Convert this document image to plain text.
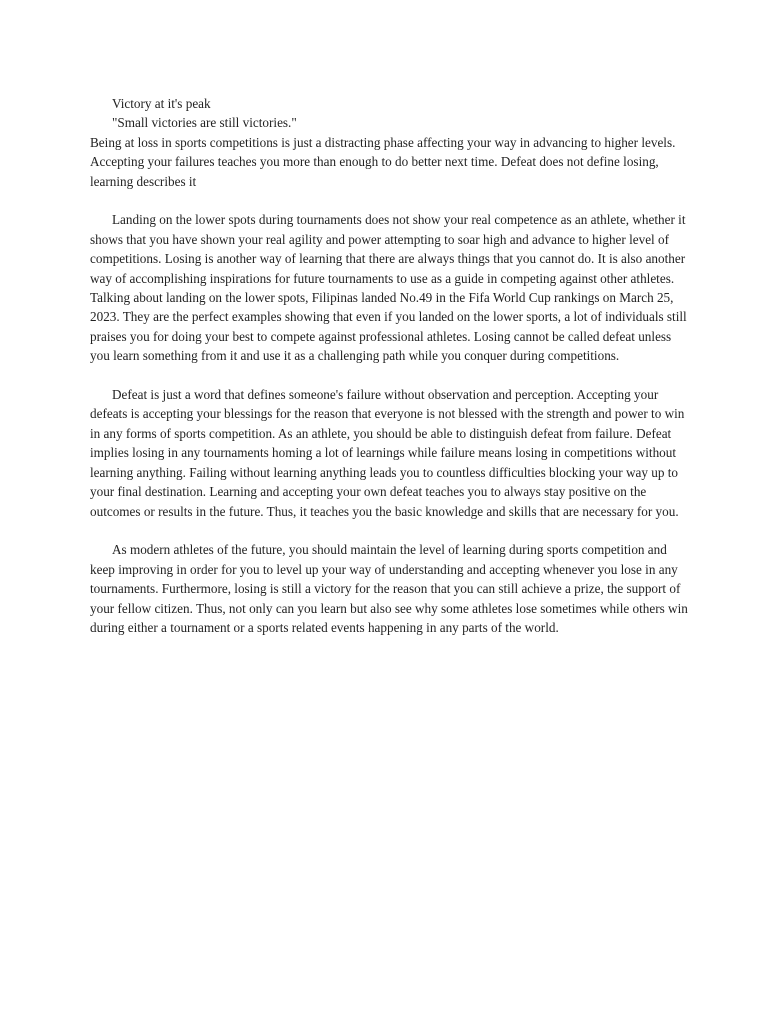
Victory at it's peak

"Small victories are still victories."

Being at loss in sports competitions is just a distracting phase affecting your way in advancing to higher levels. Accepting your failures teaches you more than enough to do better next time. Defeat does not define losing, learning describes it

Landing on the lower spots during tournaments does not show your real competence as an athlete, whether it shows that you have shown your real agility and power attempting to soar high and advance to higher level of competitions. Losing is another way of learning that there are always things that you cannot do. It is also another way of accomplishing inspirations for future tournaments to use as a guide in competing against other athletes.

Talking about landing on the lower spots, Filipinas landed No.49 in the Fifa World Cup rankings on March 25, 2023. They are the perfect examples showing that even if you landed on the lower sports, a lot of individuals still praises you for doing your best to compete against professional athletes. Losing cannot be called defeat unless you learn something from it and use it as a challenging path while you conquer during competitions.

Defeat is just a word that defines someone's failure without observation and perception. Accepting your defeats is accepting your blessings for the reason that everyone is not blessed with the strength and power to win in any forms of sports competition. As an athlete, you should be able to distinguish defeat from failure. Defeat implies losing in any tournaments homing a lot of learnings while failure means losing in competitions without learning anything. Failing without learning anything leads you to countless difficulties blocking your way up to your final destination. Learning and accepting your own defeat teaches you to always stay positive on the outcomes or results in the future. Thus, it teaches you the basic knowledge and skills that are necessary for you.

As modern athletes of the future, you should maintain the level of learning during sports competition and keep improving in order for you to level up your way of understanding and accepting whenever you lose in any tournaments. Furthermore, losing is still a victory for the reason that you can still achieve a prize, the support of your fellow citizen. Thus, not only can you learn but also see why some athletes lose sometimes while others win during either a tournament or a sports related events happening in any parts of the world.
